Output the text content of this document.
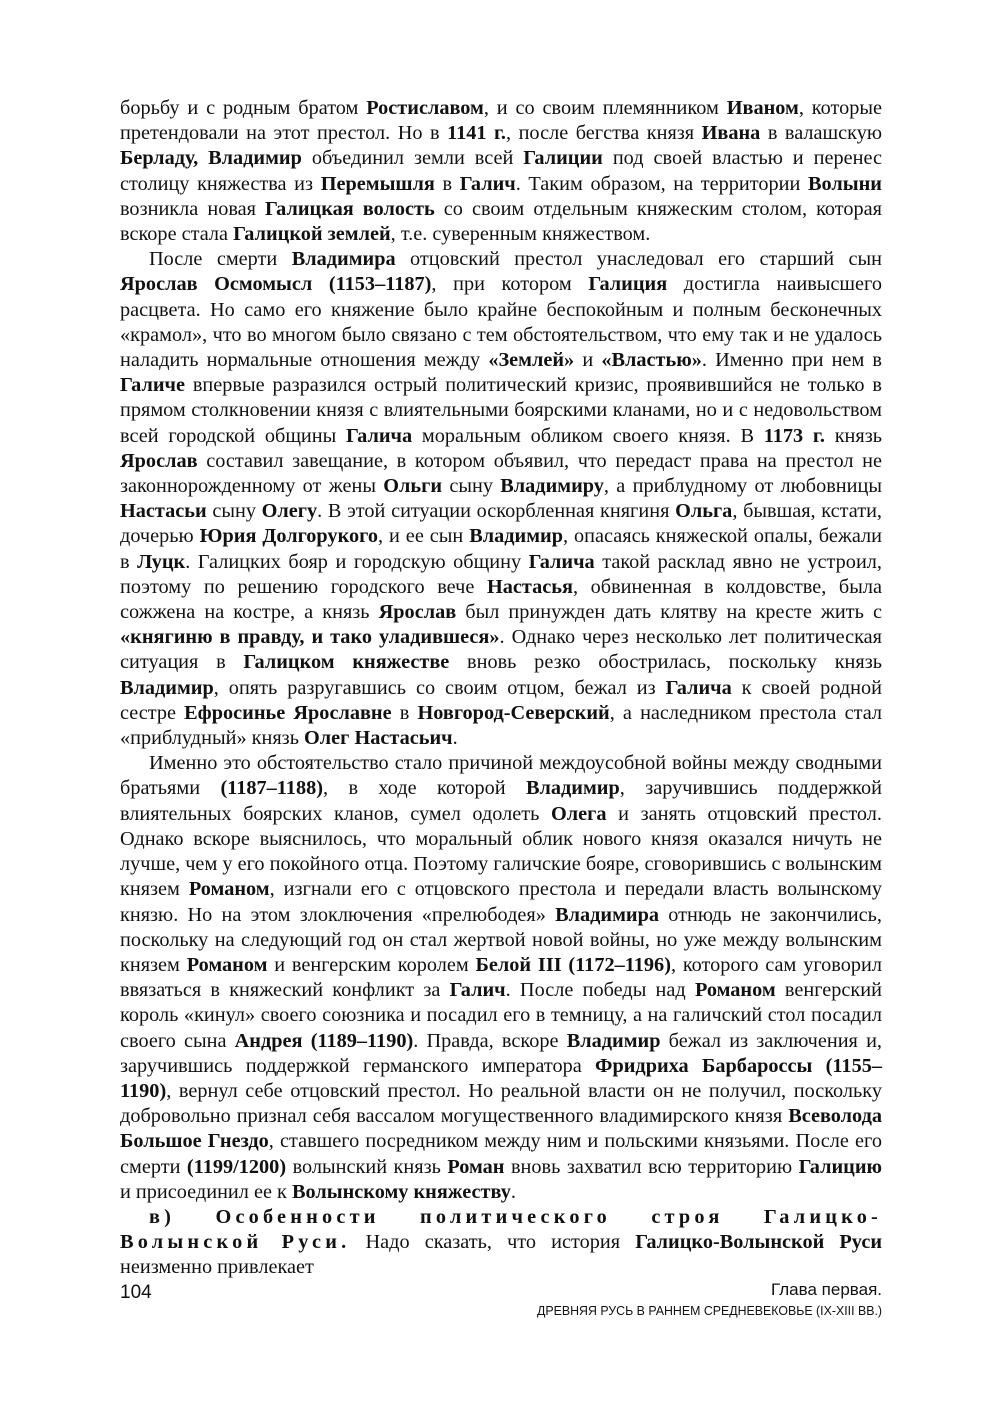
борьбу и с родным братом Ростиславом, и со своим племянником Иваном, которые претендовали на этот престол. Но в 1141 г., после бегства князя Ивана в валашскую Берладу, Владимир объединил земли всей Галиции под своей властью и перенес столицу княжества из Перемышля в Галич. Таким образом, на территории Волыни возникла новая Галицкая волость со своим отдельным княжеским столом, которая вскоре стала Галицкой землей, т.е. суверенным княжеством.

После смерти Владимира отцовский престол унаследовал его старший сын Ярослав Осмомысл (1153–1187), при котором Галиция достигла наивысшего расцвета. Но само его княжение было крайне беспокойным и полным бесконечных «крамол», что во многом было связано с тем обстоятельством, что ему так и не удалось наладить нормальные отношения между «Землей» и «Властью». Именно при нем в Галиче впервые разразился острый политический кризис, проявившийся не только в прямом столкновении князя с влиятельными боярскими кланами, но и с недовольством всей городской общины Галича моральным обликом своего князя. В 1173 г. князь Ярослав составил завещание, в котором объявил, что передаст права на престол не законнорожденному от жены Ольги сыну Владимиру, а приблудному от любовницы Настасьи сыну Олегу. В этой ситуации оскорбленная княгиня Ольга, бывшая, кстати, дочерью Юрия Долгорукого, и ее сын Владимир, опасаясь княжеской опалы, бежали в Луцк. Галицких бояр и городскую общину Галича такой расклад явно не устроил, поэтому по решению городского вече Настасья, обвиненная в колдовстве, была сожжена на костре, а князь Ярослав был принужден дать клятву на кресте жить с «княгиню в правду, и тако уладившеся». Однако через несколько лет политическая ситуация в Галицком княжестве вновь резко обострилась, поскольку князь Владимир, опять разругавшись со своим отцом, бежал из Галича к своей родной сестре Ефросинье Ярославне в Новгород-Северский, а наследником престола стал «приблудный» князь Олег Настасьич.

Именно это обстоятельство стало причиной междоусобной войны между сводными братьями (1187–1188), в ходе которой Владимир, заручившись поддержкой влиятельных боярских кланов, сумел одолеть Олега и занять отцовский престол. Однако вскоре выяснилось, что моральный облик нового князя оказался ничуть не лучше, чем у его покойного отца. Поэтому галичские бояре, сговорившись с волынским князем Романом, изгнали его с отцовского престола и передали власть волынскому князю. Но на этом злоключения «прелюбодея» Владимира отнюдь не закончились, поскольку на следующий год он стал жертвой новой войны, но уже между волынским князем Романом и венгерским королем Белой III (1172–1196), которого сам уговорил ввязаться в княжеский конфликт за Галич. После победы над Романом венгерский король «кинул» своего союзника и посадил его в темницу, а на галичский стол посадил своего сына Андрея (1189–1190). Правда, вскоре Владимир бежал из заключения и, заручившись поддержкой германского императора Фридриха Барбароссы (1155–1190), вернул себе отцовский престол. Но реальной власти он не получил, поскольку добровольно признал себя вассалом могущественного владимирского князя Всеволода Большое Гнездо, ставшего посредником между ним и польскими князьями. После его смерти (1199/1200) волынский князь Роман вновь захватил всю территорию Галицию и присоединил ее к Волынскому княжеству.

в) Особенности политического строя Галицко-Волынской Руси. Надо сказать, что история Галицко-Волынской Руси неизменно привлекает

104	Глава первая.
ДРЕВНЯЯ РУСЬ В РАННЕМ СРЕДНЕВЕКОВЬЕ (IX-XIII ВВ.)
